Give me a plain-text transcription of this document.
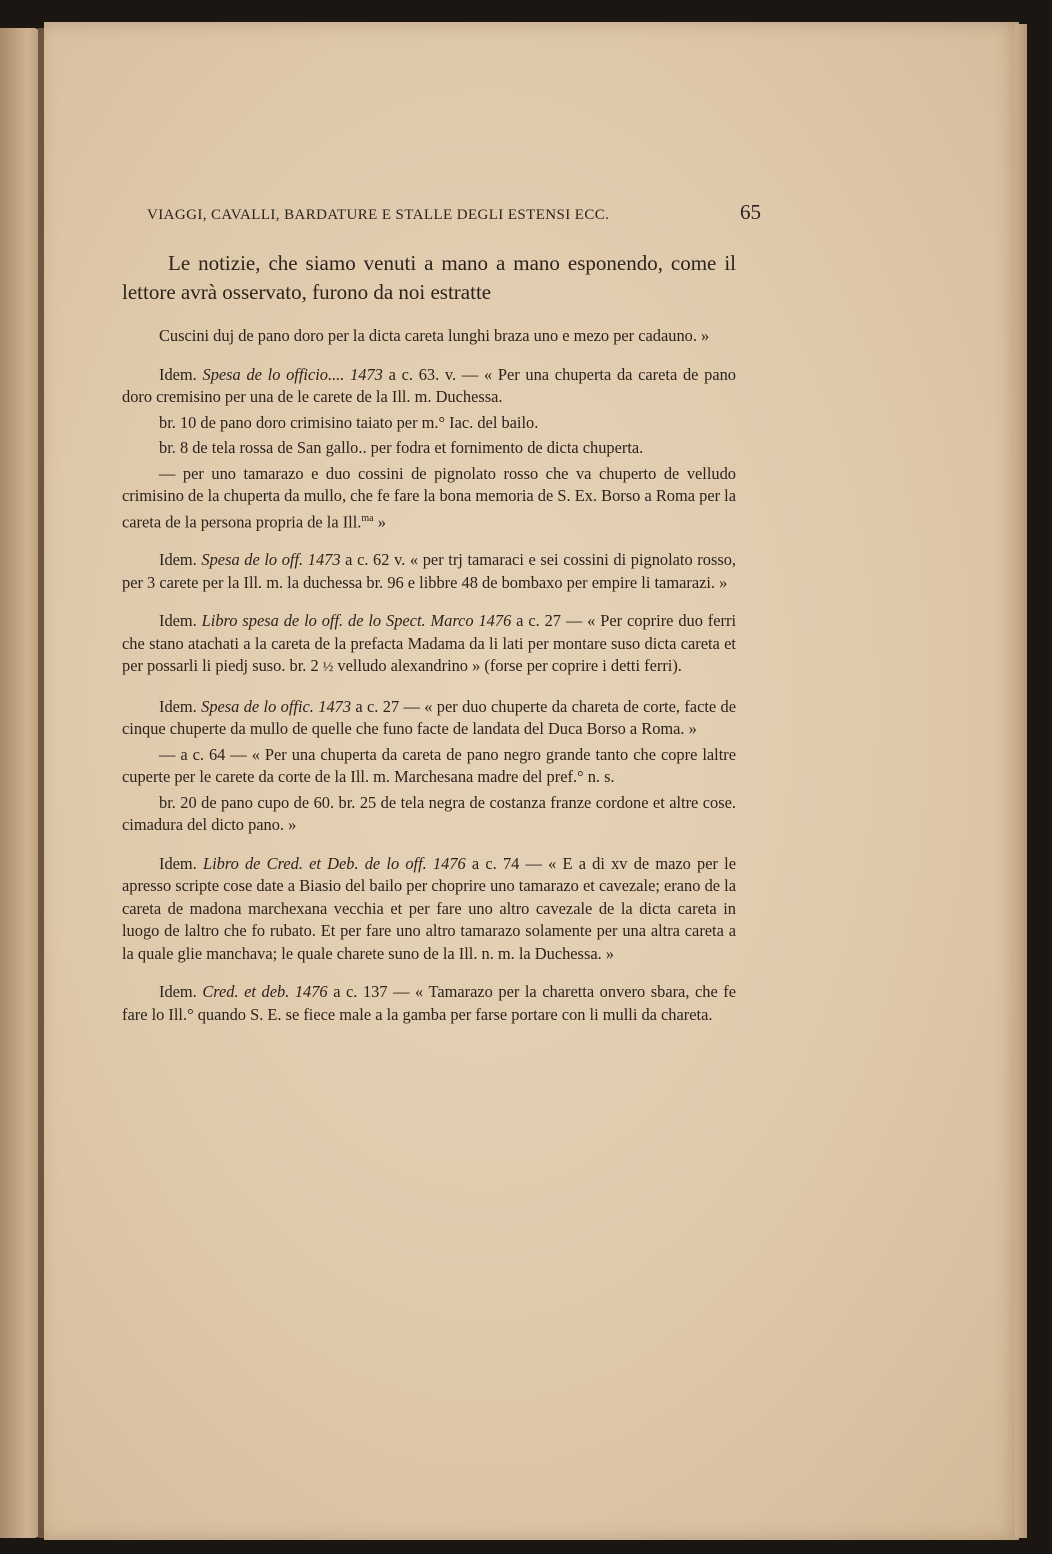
VIAGGI, CAVALLI, BARDATURE E STALLE DEGLI ESTENSI ECC.	65

Le notizie, che siamo venuti a mano a mano esponendo, come il lettore avrà osservato, furono da noi estratte

Cuscini duj de pano doro per la dicta careta lunghi braza uno e mezo per cadauno. »

Idem. Spesa de lo officio.... 1473 a c. 63. v. — « Per una chuperta da careta de pano doro cremisino per una de le carete de la Ill. m. Duchessa.

br. 10 de pano doro crimisino taiato per m.° Iac. del bailo.

br. 8 de tela rossa de San gallo.. per fodra et fornimento de dicta chuperta.

— per uno tamarazo e duo cossini de pignolato rosso che va chuperto de velludo crimisino de la chuperta da mullo, che fe fare la bona memoria de S. Ex. Borso a Roma per la careta de la persona propria de la Ill.$^{ma}$ »

Idem. Spesa de lo off. 1473 a c. 62 v. « per trj tamaraci e sei cossini di pignolato rosso, per 3 carete per la Ill. m. la duchessa br. 96 e libbre 48 de bombaxo per empire li tamarazi. »

Idem. Libro spesa de lo off. de lo Spect. Marco 1476 a c. 27 — « Per coprire duo ferri che stano atachati a la careta de la prefacta Madama da li lati per montare suso dicta careta et per possarli li piedj suso. br. 2 ½ velludo alexandrino » (forse per coprire i detti ferri).

Idem. Spesa de lo offic. 1473 a c. 27 — « per duo chuperte da chareta de corte, facte de cinque chuperte da mullo de quelle che funo facte de landata del Duca Borso a Roma. »

— a c. 64 — « Per una chuperta da careta de pano negro grande tanto che copre laltre cuperte per le carete da corte de la Ill. m. Marchesana madre del pref.° n. s.

br. 20 de pano cupo de 60. br. 25 de tela negra de costanza franze cordone et altre cose. cimadura del dicto pano. »

Idem. Libro de Cred. et Deb. de lo off. 1476 a c. 74 — « E a di xv de mazo per le apresso scripte cose date a Biasio del bailo per choprire uno tamarazo et cavezale; erano de la careta de madona marchexana vecchia et per fare uno altro cavezale de la dicta careta in luogo de laltro che fo rubato. Et per fare uno altro tamarazo solamente per una altra careta a la quale glie manchava; le quale charete suno de la Ill. n. m. la Duchessa. »

Idem. Cred. et deb. 1476 a c. 137 — « Tamarazo per la charetta onvero sbara, che fe fare lo Ill.° quando S. E. se fiece male a la gamba per farse portare con li mulli da chareta.
